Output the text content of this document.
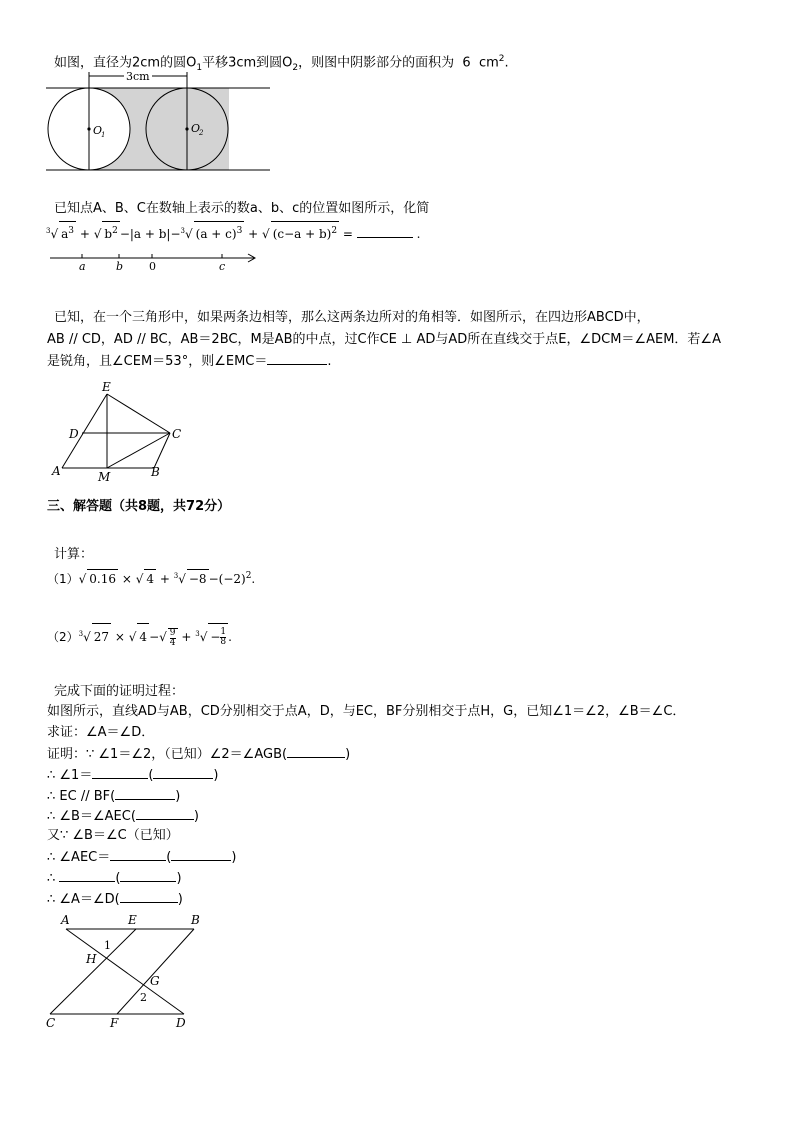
如图，直径为2cm的圆$O_1$平移3cm到圆$O_2$，则图中阴影部分的面积为 6 $cm^2$.
3cm
O
1	O
2
已知点A、B、C在数轴上表示的数a、b、c的位置如图所示，化简
$^3$√ $a^3$ + √ $b^2 -|a + b|-^3√$ $(a + c)^3$ + √ $(c-a + b)^2$ =	.
a	b 0	c
已知，在一个三角形中，如果两条边相等，那么这两条边所对的角相等．如图所示，在四边形ABCD中，
AB // CD，AD // BC，AB＝2BC，M是AB的中点，过C作CE ⊥ AD与AD所在直线交于点E，∠DCM＝∠AEM．若∠A
是锐角，且∠CEM＝53°，则∠EMC＝	.
E
D	C
A	M	B
三、解答题（共8题，共72分）
计算：
（1）√ 0.16 × √ $4 + ^3√ -8 -(-2)^2$.
$(2)^3√$ 27 × √ 4 −√ $\frac{9}{4} + ^3√ - \frac{1}{8}$ .
完成下面的证明过程：
如图所示，直线AD与AB，CD分别相交于点A，D，与EC，BF分别相交于点H，G，已知∠1＝∠2，∠B＝∠C．
求证：∠A＝∠D．
证明：∵ ∠1＝∠2，（已知）∠2＝∠AGB(	)
∴ ∠1＝	(	)
∴ EC // BF(	)
∴ ∠B＝∠AEC(	)
又∵ ∠B＝∠C（已知）
∴ ∠AEC＝	(	)
∴	(	)
∴ ∠A＝∠D(	)
A	E	B
1
H
G
2
C	F	D
